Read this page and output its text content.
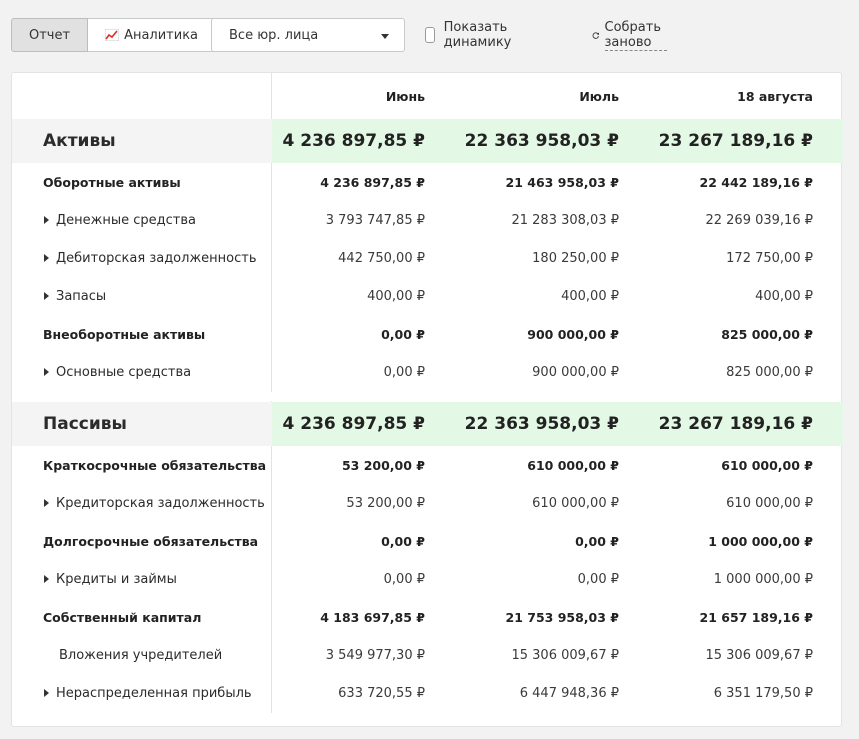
Отчет	Аналитика Все юр. лица	Показать динамику
Собрать заново
Июнь	Июль	18 августа
Активы	4 236 897,85 ₽	22 363 958,03 ₽	23 267 189,16 ₽
Оборотные активы	4 236 897,85 ₽	21 463 958,03 ₽	22 442 189,16 ₽
Денежные средства	3 793 747,85 ₽	21 283 308,03 ₽	22 269 039,16 ₽
Дебиторская задолженность	442 750,00 ₽	180 250,00 ₽	172 750,00 ₽
Запасы	400,00 ₽	400,00 ₽	400,00 ₽
Внеоборотные активы	0,00 ₽	900 000,00 ₽	825 000,00 ₽
Основные средства	0,00 ₽	900 000,00 ₽	825 000,00 ₽
Пассивы	4 236 897,85 ₽	22 363 958,03 ₽	23 267 189,16 ₽
Краткосрочные обязательства	53 200,00 ₽	610 000,00 ₽	610 000,00 ₽
Кредиторская задолженность	53 200,00 ₽	610 000,00 ₽	610 000,00 ₽
Долгосрочные обязательства	0,00 ₽	0,00 ₽	1 000 000,00 ₽
Кредиты и займы	0,00 ₽	0,00 ₽	1 000 000,00 ₽
Собственный капитал	4 183 697,85 ₽	21 753 958,03 ₽	21 657 189,16 ₽
Вложения учредителей	3 549 977,30 ₽	15 306 009,67 ₽	15 306 009,67 ₽
Нераспределенная прибыль	633 720,55 ₽	6 447 948,36 ₽	6 351 179,50 ₽
